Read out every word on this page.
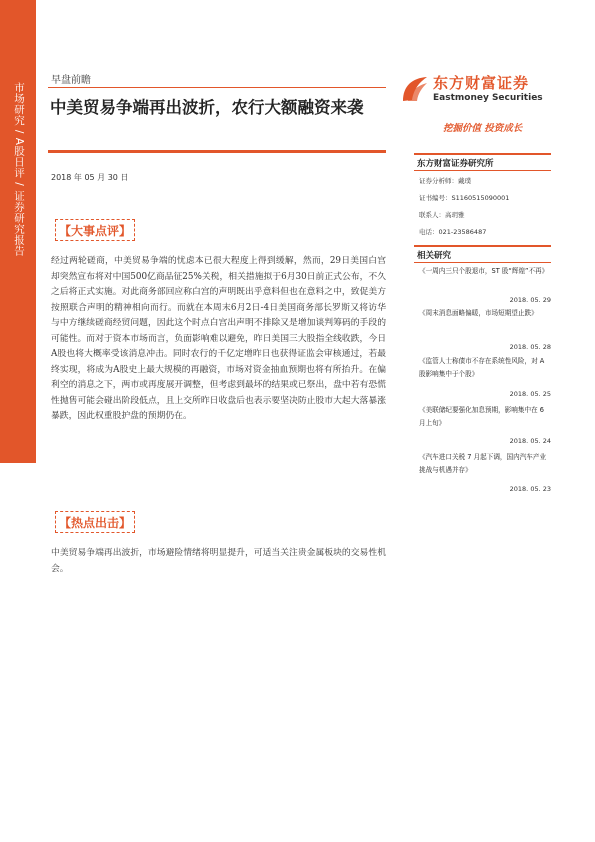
市场研究 / A股日评 / 证券研究报告
早盘前瞻
中美贸易争端再出波折，农行大额融资来袭
2018 年 05 月 30 日
东方财富证券
Eastmoney Securities
挖掘价值 投资成长
东方财富证券研究所
证券分析师：戴璞
证书编号：S1160515090001
联系人：高玥雅
电话：021-23586487
相关研究
《一周内三只个股退市，ST 股“辉煌”不再》
2018. 05. 29
《周末消息面略偏暖，市场短期望止跌》
2018. 05. 28
《监管人士称债市不存在系统性风险，对 A 股影响集中于个股》
2018. 05. 25
《美联储纪要强化加息预期，影响集中在 6 月上旬》
2018. 05. 24
《汽车进口关税 7 月起下调，国内汽车产业挑战与机遇并存》
2018. 05. 23
【大事点评】
经过两轮磋商，中美贸易争端的忧虑本已很大程度上得到缓解，然而，29日美国白宫却突然宣布将对中国500亿商品征25%关税，相关措施拟于6月30日前正式公布，不久之后将正式实施。对此商务部回应称白宫的声明既出乎意料但也在意料之中，致促美方按照联合声明的精神相向而行。而就在本周末6月2日-4日美国商务部长罗斯又将访华与中方继续磋商经贸问题，因此这个时点白宫出声明不排除又是增加谈判筹码的手段的可能性。而对于资本市场而言，负面影响难以避免，昨日美国三大股指全线收跌，今日A股也将大概率受该消息冲击。同时农行的千亿定增昨日也获得证监会审核通过，若最终实现，将成为A股史上最大规模的再融资，市场对资金抽血预期也将有所抬升。在偏利空的消息之下，两市或再度展开调整，但考虑到最坏的结果或已祭出，盘中若有恐慌性抛售可能会碰出阶段低点，且上交所昨日收盘后也表示要坚决防止股市大起大落暴涨暴跌，因此权重股护盘的预期仍在。
【热点出击】
中美贸易争端再出波折，市场避险情绪将明显提升，可适当关注贵金属板块的交易性机会。
